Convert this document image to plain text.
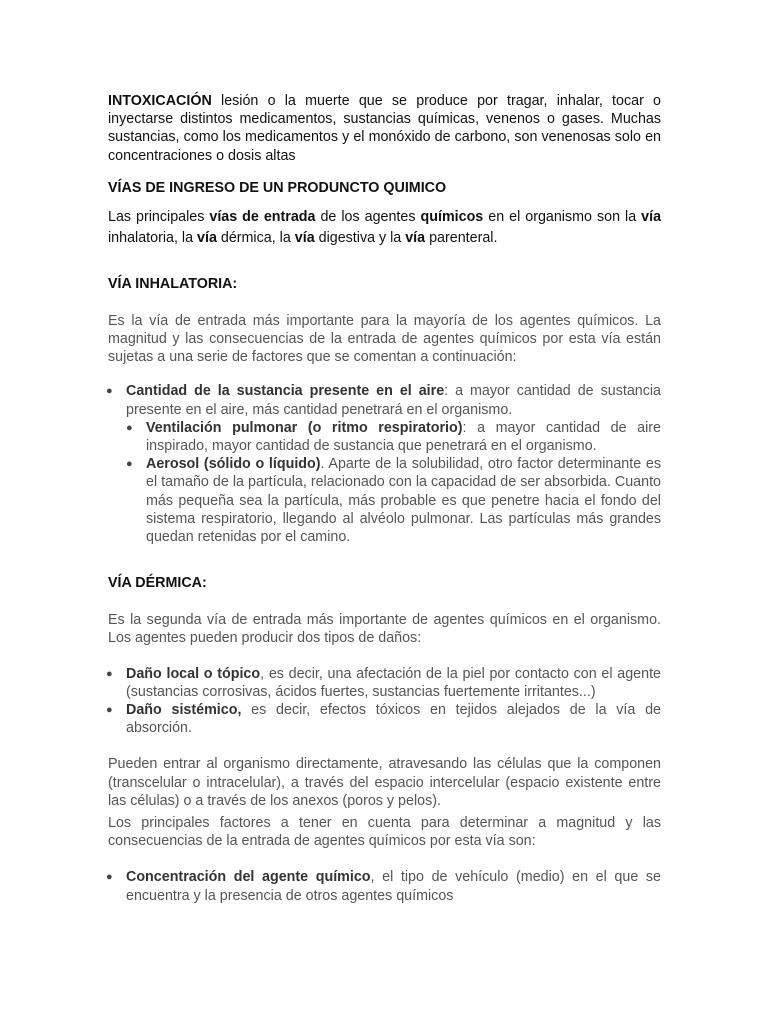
INTOXICACIÓN lesión o la muerte que se produce por tragar, inhalar, tocar o inyectarse distintos medicamentos, sustancias químicas, venenos o gases. Muchas sustancias, como los medicamentos y el monóxido de carbono, son venenosas solo en concentraciones o dosis altas

VÍAS DE INGRESO DE UN PRODUNCTO QUIMICO

Las principales vías de entrada de los agentes químicos en el organismo son la vía inhalatoria, la vía dérmica, la vía digestiva y la vía parenteral.

VÍA INHALATORIA:

Es la vía de entrada más importante para la mayoría de los agentes químicos. La magnitud y las consecuencias de la entrada de agentes químicos por esta vía están sujetas a una serie de factores que se comentan a continuación:

● Cantidad de la sustancia presente en el aire: a mayor cantidad de sustancia presente en el aire, más cantidad penetrará en el organismo.
● Ventilación pulmonar (o ritmo respiratorio): a mayor cantidad de aire inspirado, mayor cantidad de sustancia que penetrará en el organismo.
● Aerosol (sólido o líquido). Aparte de la solubilidad, otro factor determinante es el tamaño de la partícula, relacionado con la capacidad de ser absorbida. Cuanto más pequeña sea la partícula, más probable es que penetre hacia el fondo del sistema respiratorio, llegando al alvéolo pulmonar. Las partículas más grandes quedan retenidas por el camino.

VÍA DÉRMICA:

Es la segunda vía de entrada más importante de agentes químicos en el organismo. Los agentes pueden producir dos tipos de daños:

● Daño local o tópico, es decir, una afectación de la piel por contacto con el agente (sustancias corrosivas, ácidos fuertes, sustancias fuertemente irritantes...)
● Daño sistémico, es decir, efectos tóxicos en tejidos alejados de la vía de absorción.

Pueden entrar al organismo directamente, atravesando las células que la componen (transcelular o intracelular), a través del espacio intercelular (espacio existente entre las células) o a través de los anexos (poros y pelos).

Los principales factores a tener en cuenta para determinar a magnitud y las consecuencias de la entrada de agentes químicos por esta vía son:

● Concentración del agente químico, el tipo de vehículo (medio) en el que se encuentra y la presencia de otros agentes químicos
